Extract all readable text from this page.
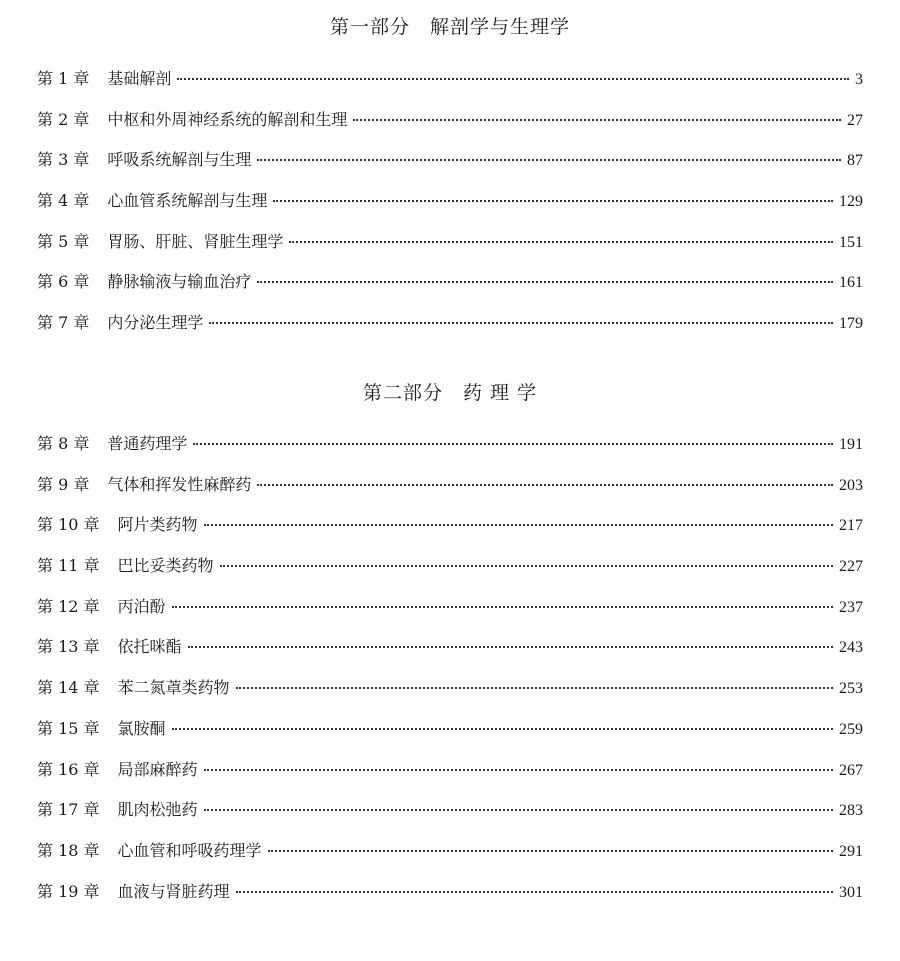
第一部分　解剖学与生理学
第 1 章 基础解剖	3
第 2 章 中枢和外周神经系统的解剖和生理	27
第 3 章 呼吸系统解剖与生理	87
第 4 章 心血管系统解剖与生理	129
第 5 章 胃肠、肝脏、肾脏生理学	151
第 6 章 静脉输液与输血治疗	161
第 7 章 内分泌生理学	179
第二部分　药 理 学
第 8 章 普通药理学	191
第 9 章 气体和挥发性麻醉药	203
第 10 章 阿片类药物	217
第 11 章 巴比妥类药物	227
第 12 章 丙泊酚	237
第 13 章 依托咪酯	243
第 14 章 苯二氮䓬类药物	253
第 15 章 氯胺酮	259
第 16 章 局部麻醉药	267
第 17 章 肌肉松弛药	283
第 18 章 心血管和呼吸药理学	291
第 19 章 血液与肾脏药理	301
